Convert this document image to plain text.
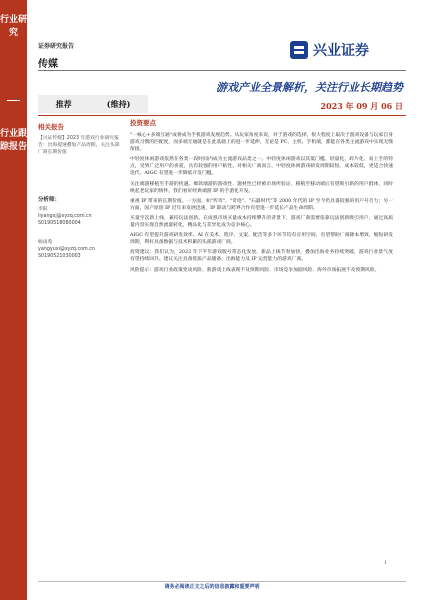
行业研究
行业跟踪报告
证券研究报告
传媒
兴业证券
游戏产业全景解析，关注行业长期趋势
推荐	(维持)	2023 年 09 月 06 日
相关报告
【兴证传媒】2023 年游戏行业研究报告：出海提速叠加产品周期，关注头部厂商长期价值
分析师：
李阳
liyangxj@xyzq.com.cn
S0190518080004
杨雨希
yangyuxi@xyzq.com.cn
S0190521030003
投资要点

"一核心+多端互通"成将成为手机游戏发展趋势。从玩家角度来说，对于游戏的选择，很大程度上取决于游戏设备与玩家自身游戏习惯的匹配度，而多端互通就是在此基础上的进一步延伸，无论是 PC、主机、手机端，都能在各类主流游戏中实现无缝衔接。

中轻度休闲游戏依然在各类一段时间内成为主流游戏品类之一。中轻度休闲游戏以其低门槛、轻量化、碎片化、易上手的特点，受到广泛用户的喜爱，具有较强的用户粘性。对相关厂商而言，中轻度休闲游戏研发周期较短、成本较低，更适合快速迭代，AIGC 有望进一步降低开发门槛。

关注端游移植至手游的机遇。爆款端游的游戏性、题材性已经被市场所验证，移植至移动端后有望吸引新的用户群体，同时唤起老玩家的情怀，我们看好经典端游 IP 的手游化开发。

重视 IP 带来的长期价值。一方面，如"传奇"、"奇迹"、"石器时代"等 2000 年代的 IP 至今仍具备较强的用户号召力；另一方面，国产原创 IP 近年来发展迅速，IP 联动与跨界合作有望进一步延长产品生命周期。

买量至次新上线，兼持玩法创新。在成熟市场买量成本持续攀升的背景下，游戏厂商需要依靠玩法创新吸引用户，通过高质量内容实现自然流量转化，精品化与差异化成为竞争核心。

AIGC 有望提升游戏研发效率。AI 在美术、程序、文案、配音等多个环节均有应用空间，有望帮助厂商降本增效、缩短研发周期，利好具备数据与技术积累的头部游戏厂商。

投资建议：我们认为，2023 年下半年游戏版号常态化发放，新品上线节奏加快，叠加出海业务持续突破，游戏行业景气度有望持续回升。建议关注具备优质产品储备、出海能力及 IP 运营能力的游戏厂商。

风险提示：游戏行业政策变动风险、新游戏上线表现不及预期风险、市场竞争加剧风险、海外市场拓展不及预期风险。

1
请务必阅读正文之后的信息披露和重要声明
